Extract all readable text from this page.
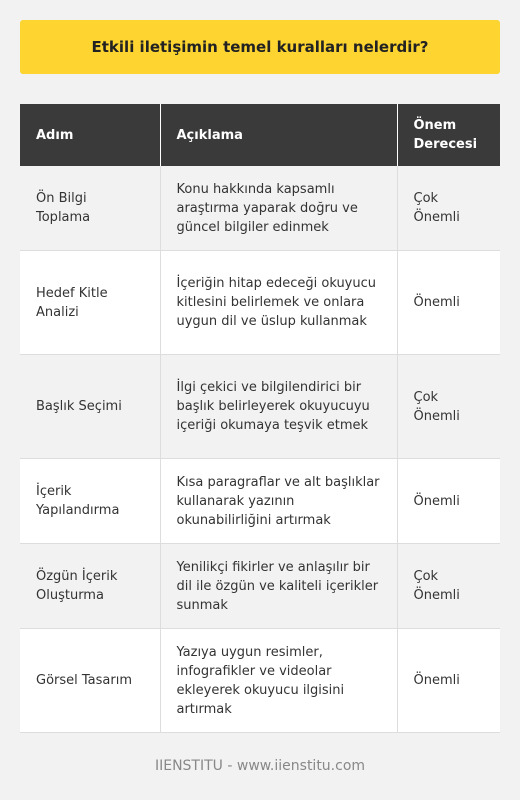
Etkili iletişimin temel kuralları nelerdir?
Adım	Açıklama	Önem Derecesi
Ön Bilgi Toplama	Konu hakkında kapsamlı araştırma yaparak doğru ve güncel bilgiler edinmek	Çok Önemli
Hedef Kitle Analizi	İçeriğin hitap edeceği okuyucu kitlesini belirlemek ve onlara uygun dil ve üslup kullanmak	Önemli
Başlık Seçimi	İlgi çekici ve bilgilendirici bir başlık belirleyerek okuyucuyu içeriği okumaya teşvik etmek	Çok Önemli
İçerik Yapılandırma	Kısa paragraflar ve alt başlıklar kullanarak yazının okunabilirliğini artırmak	Önemli
Özgün İçerik Oluşturma	Yenilikçi fikirler ve anlaşılır bir dil ile özgün ve kaliteli içerikler sunmak	Çok Önemli
Görsel Tasarım	Yazıya uygun resimler, infografikler ve videolar ekleyerek okuyucu ilgisini artırmak	Önemli
IIENSTITU - www.iienstitu.com
